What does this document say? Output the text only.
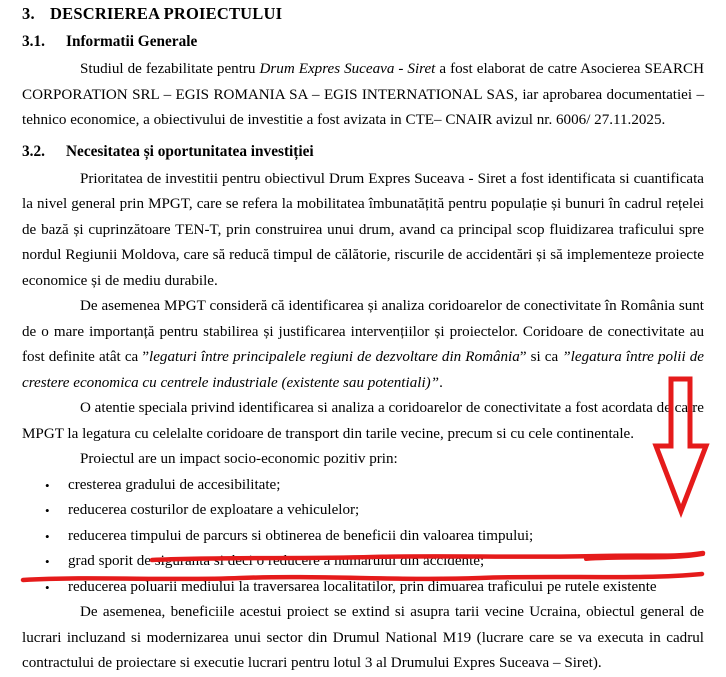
3. DESCRIEREA PROIECTULUI
3.1.	Informatii Generale

Studiul de fezabilitate pentru Drum Expres Suceava - Siret a fost elaborat de catre Asocierea SEARCH CORPORATION SRL – EGIS ROMANIA SA – EGIS INTERNATIONAL SAS, iar aprobarea documentatiei – tehnico economice, a obiectivului de investitie a fost avizata in CTE– CNAIR avizul nr. 6006/ 27.11.2025.

3.2.	Necesitatea și oportunitatea investiției

Prioritatea de investitii pentru obiectivul Drum Expres Suceava - Siret a fost identificata si cuantificata la nivel general prin MPGT, care se refera la mobilitatea îmbunatățită pentru populație și bunuri în cadrul rețelei de bază și cuprinzătoare TEN-T, prin construirea unui drum, avand ca principal scop fluidizarea traficului spre nordul Regiunii Moldova, care să reducă timpul de călătorie, riscurile de accidentări și să implementeze proiecte economice și de mediu durabile.

De asemenea MPGT consideră că identificarea și analiza coridoarelor de conectivitate în România sunt de o mare importanță pentru stabilirea și justificarea intervențiilor și proiectelor. Coridoare de conectivitate au fost definite atât ca ”legaturi între principalele regiuni de dezvoltare din România” si ca ”legatura între polii de crestere economica cu centrele industriale (existente sau potentiali)”.

O atentie speciala privind identificarea si analiza a coridoarelor de conectivitate a fost acordata de catre MPGT la legatura cu celelalte coridoare de transport din tarile vecine, precum si cu cele continentale.

Proiectul are un impact socio-economic pozitiv prin:

• cresterea gradului de accesibilitate;
• reducerea costurilor de exploatare a vehiculelor;
• reducerea timpului de parcurs si obtinerea de beneficii din valoarea timpului;
• grad sporit de siguranta si deci o reducere a numarului din accidente;
• reducerea poluarii mediului la traversarea localitatilor, prin dimuarea traficului pe rutele existente

De asemenea, beneficiile acestui proiect se extind si asupra tarii vecine Ucraina, obiectul general de lucrari incluzand si modernizarea unui sector din Drumul National M19 (lucrare care se va executa in cadrul contractului de proiectare si executie lucrari pentru lotul 3 al Drumului Expres Suceava – Siret).
